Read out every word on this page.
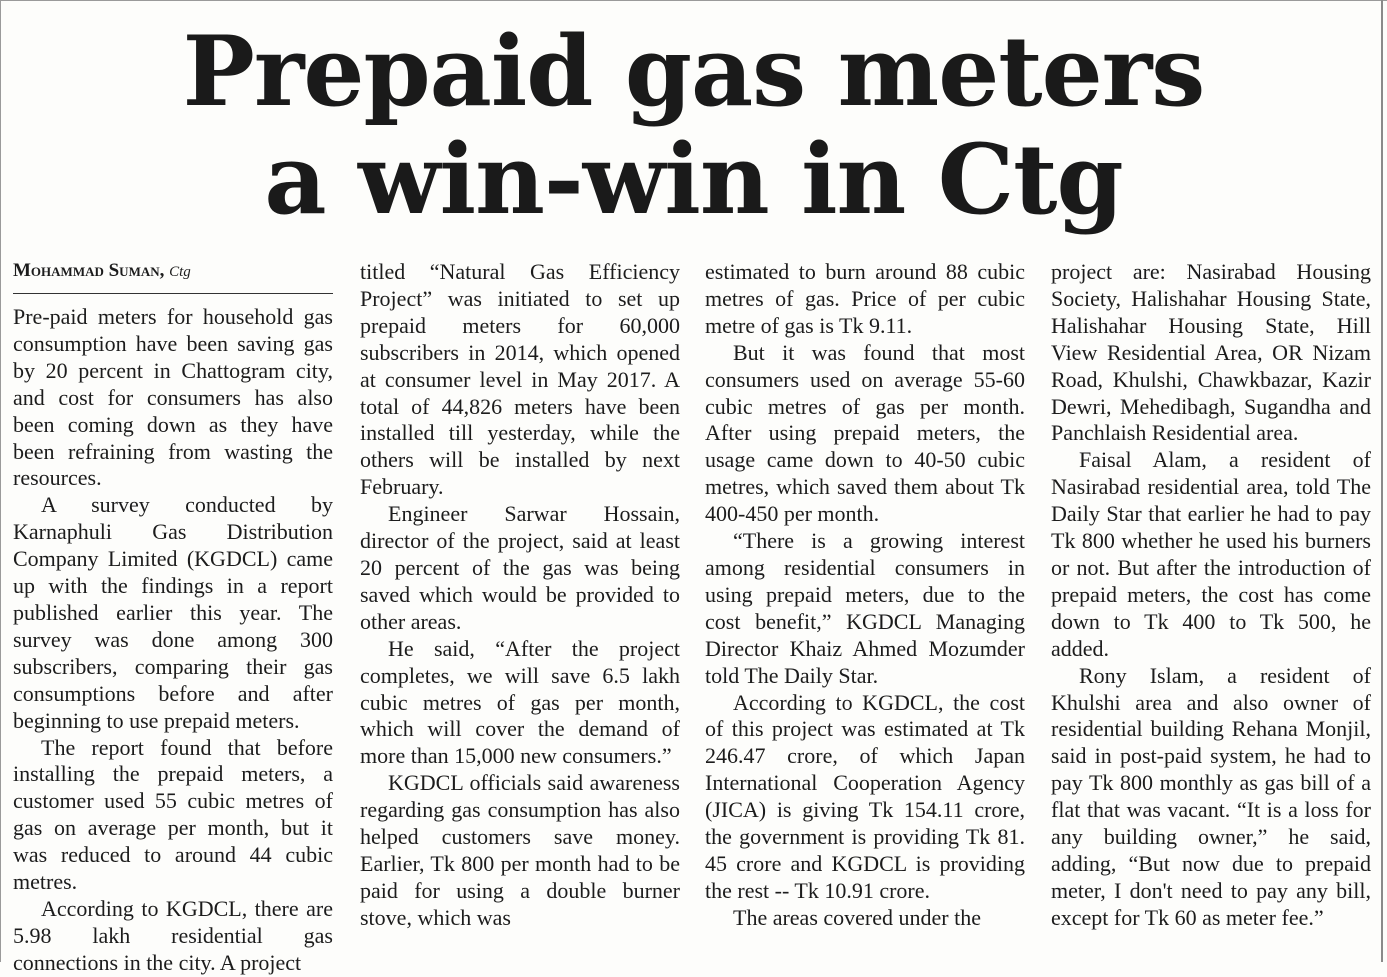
Prepaid gas meters
a win-win in Ctg
Mohammad Suman, Ctg

Pre-paid meters for household gas consumption have been saving gas by 20 percent in Chattogram city, and cost for consumers has also been coming down as they have been refraining from wasting the resources.

A survey conducted by Karnaphuli Gas Distribution Company Limited (KGDCL) came up with the findings in a report published earlier this year. The survey was done among 300 subscribers, comparing their gas consumptions before and after beginning to use prepaid meters.

The report found that before installing the prepaid meters, a customer used 55 cubic metres of gas on average per month, but it was reduced to around 44 cubic metres.

According to KGDCL, there are 5.98 lakh residential gas connections in the city. A project

titled “Natural Gas Efficiency Project” was initiated to set up prepaid meters for 60,000 subscribers in 2014, which opened at consumer level in May 2017. A total of 44,826 meters have been installed till yesterday, while the others will be installed by next February.

Engineer Sarwar Hossain, director of the project, said at least 20 percent of the gas was being saved which would be provided to other areas.

He said, “After the project completes, we will save 6.5 lakh cubic metres of gas per month, which will cover the demand of more than 15,000 new consumers.”

KGDCL officials said awareness regarding gas consumption has also helped customers save money. Earlier, Tk 800 per month had to be paid for using a double burner stove, which was

estimated to burn around 88 cubic metres of gas. Price of per cubic metre of gas is Tk 9.11.

But it was found that most consumers used on average 55-60 cubic metres of gas per month. After using prepaid meters, the usage came down to 40-50 cubic metres, which saved them about Tk 400-450 per month.

“There is a growing interest among residential consumers in using prepaid meters, due to the cost benefit,” KGDCL Managing Director Khaiz Ahmed Mozumder told The Daily Star.

According to KGDCL, the cost of this project was estimated at Tk 246.47 crore, of which Japan International Cooperation Agency (JICA) is giving Tk 154.11 crore, the government is providing Tk 81. 45 crore and KGDCL is providing the rest -- Tk 10.91 crore.

The areas covered under the

project are: Nasirabad Housing Society, Halishahar Housing State, Halishahar Housing State, Hill View Residential Area, OR Nizam Road, Khulshi, Chawkbazar, Kazir Dewri, Mehedibagh, Sugandha and Panchlaish Residential area.

Faisal Alam, a resident of Nasirabad residential area, told The Daily Star that earlier he had to pay Tk 800 whether he used his burners or not. But after the introduction of prepaid meters, the cost has come down to Tk 400 to Tk 500, he added.

Rony Islam, a resident of Khulshi area and also owner of residential building Rehana Monjil, said in post-paid system, he had to pay Tk 800 monthly as gas bill of a flat that was vacant. “It is a loss for any building owner,” he said, adding, “But now due to prepaid meter, I don't need to pay any bill, except for Tk 60 as meter fee.”
